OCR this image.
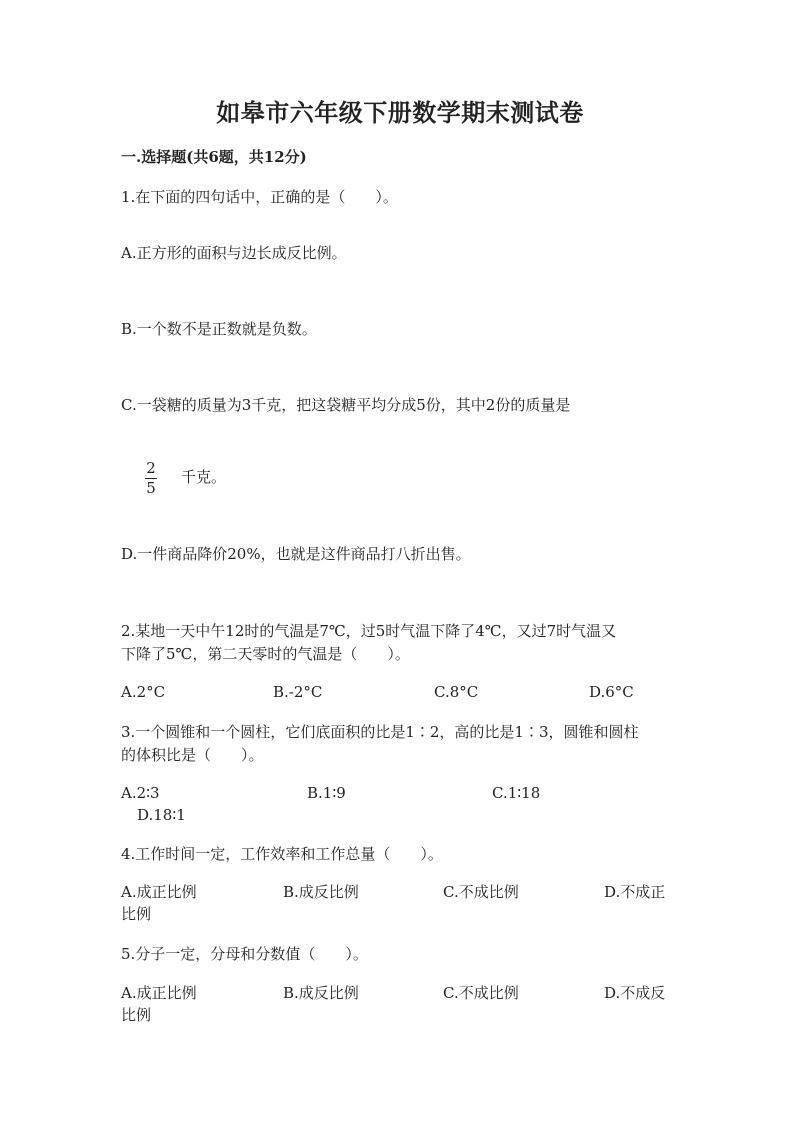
如皋市六年级下册数学期末测试卷
一.选择题(共6题，共12分)
1.在下面的四句话中，正确的是（　　）。
A.正方形的面积与边长成反比例。
B.一个数不是正数就是负数。
C.一袋糖的质量为3千克，把这袋糖平均分成5份，其中2份的质量是
2
5
千克。
D.一件商品降价20%，也就是这件商品打八折出售。
2.某地一天中午12时的气温是7℃，过5时气温下降了4℃，又过7时气温又
下降了5℃，第二天零时的气温是（　　）。
A.2°C	B.-2°C	C.8°C	D.6°C
3.一个圆锥和一个圆柱，它们底面积的比是1∶2，高的比是1∶3，圆锥和圆柱
的体积比是（　　）。
A.2∶3	B.1∶9	C.1∶18
D.18∶1
4.工作时间一定，工作效率和工作总量（　　）。
A.成正比例	B.成反比例	C.不成比例	D.不成正
比例
5.分子一定，分母和分数值（　　）。
A.成正比例	B.成反比例	C.不成比例	D.不成反
比例
